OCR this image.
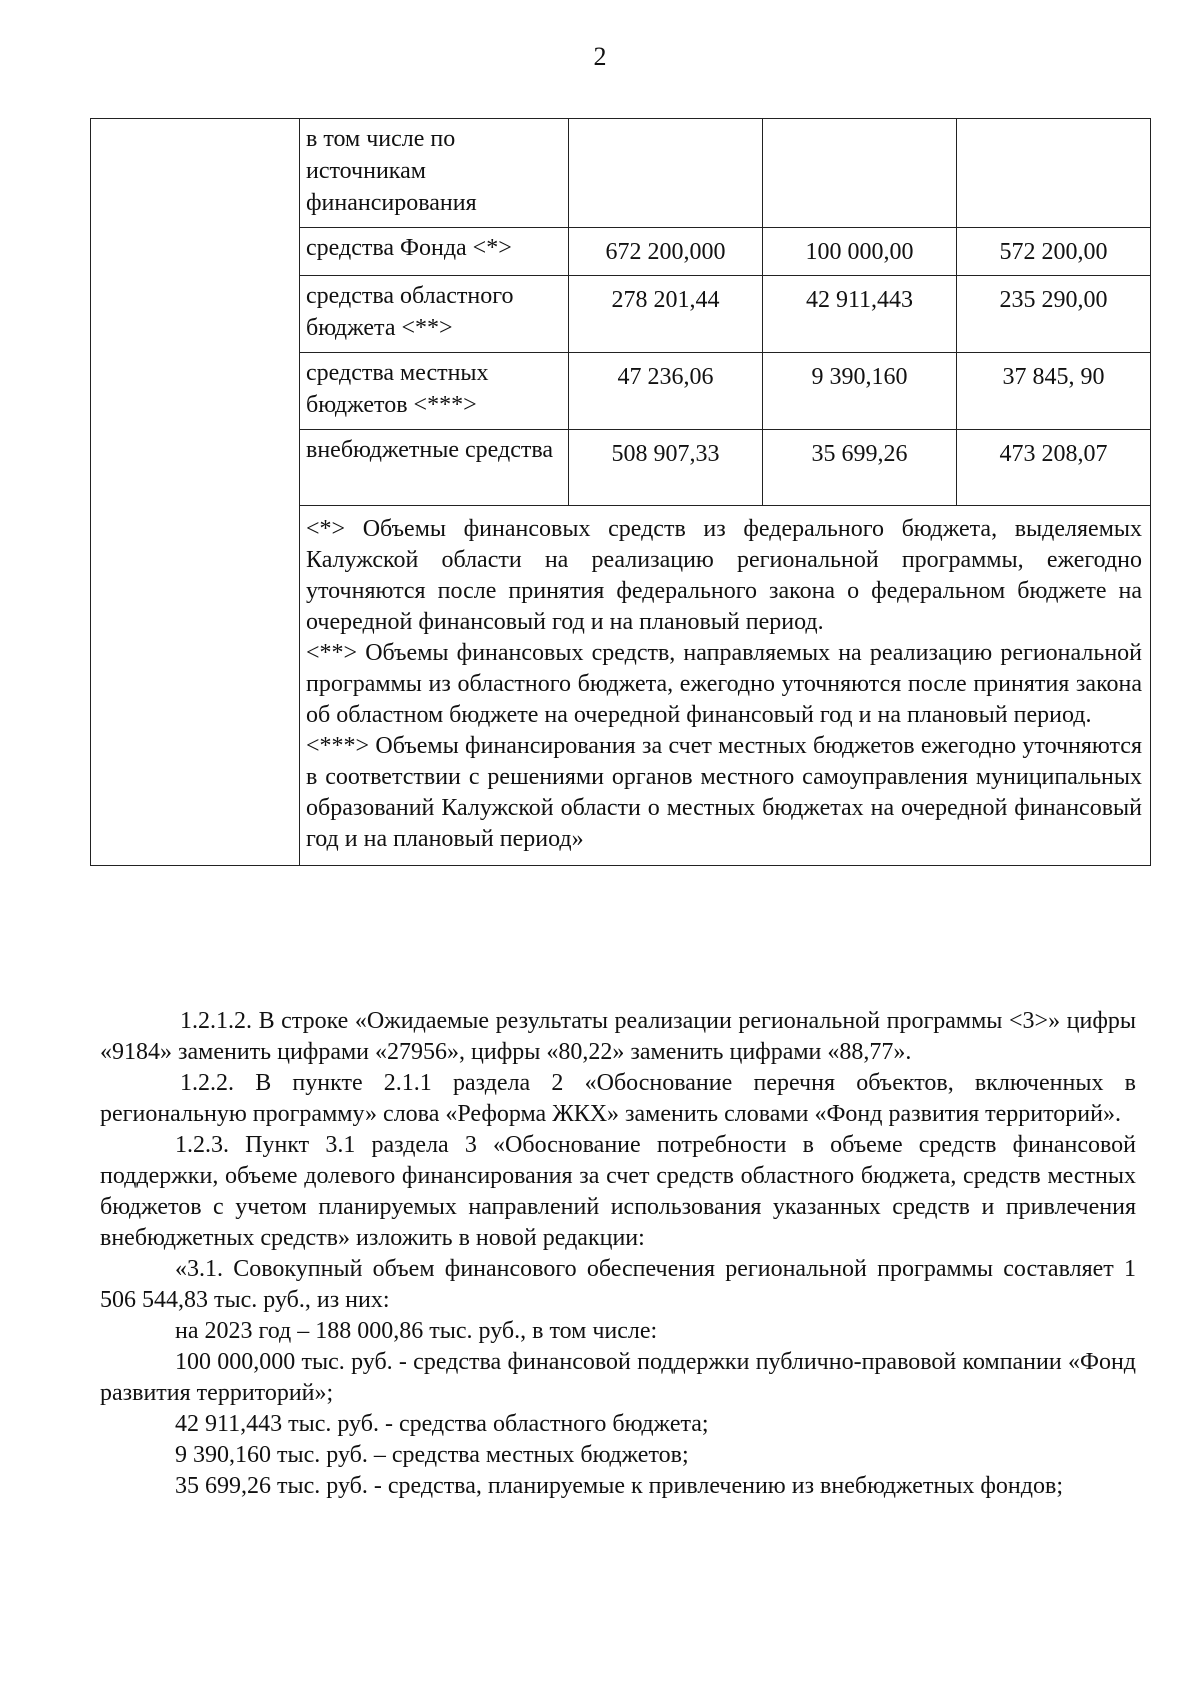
2
	в том числе по источникам финансирования			
	средства Фонда <*>	672 200,000	100 000,00	572 200,00
	средства областного бюджета <**>	278 201,44	42 911,443	235 290,00
	средства местных бюджетов <***>	47 236,06	9 390,160	37 845, 90
	внебюджетные средства	508 907,33	35 699,26	473 208,07

	<*> Объемы финансовых средств из федерального бюджета, выделяемых Калужской области на реализацию региональной программы, ежегодно уточняются после принятия федерального закона о федеральном бюджете на очередной финансовый год и на плановый период.

<**> Объемы финансовых средств, направляемых на реализацию региональной программы из областного бюджета, ежегодно уточняются после принятия закона об областном бюджете на очередной финансовый год и на плановый период.

<***> Объемы финансирования за счет местных бюджетов ежегодно уточняются в соответствии с решениями органов местного самоуправления муниципальных образований Калужской области о местных бюджетах на очередной финансовый год и на плановый период»			

1.2.1.2. В строке «Ожидаемые результаты реализации региональной программы <3>» цифры «9184» заменить цифрами «27956», цифры «80,22» заменить цифрами «88,77».

1.2.2. В пункте 2.1.1 раздела 2 «Обоснование перечня объектов, включенных в региональную программу» слова «Реформа ЖКХ» заменить словами «Фонд развития территорий».

1.2.3. Пункт 3.1 раздела 3 «Обоснование потребности в объеме средств финансовой поддержки, объеме долевого финансирования за счет средств областного бюджета, средств местных бюджетов с учетом планируемых направлений использования указанных средств и привлечения внебюджетных средств» изложить в новой редакции:

«3.1. Совокупный объем финансового обеспечения региональной программы составляет 1 506 544,83 тыс. руб., из них:

на 2023 год – 188 000,86 тыс. руб., в том числе:

100 000,000 тыс. руб. - средства финансовой поддержки публично-правовой компании «Фонд развития территорий»;

42 911,443 тыс. руб. - средства областного бюджета;

9 390,160 тыс. руб. – средства местных бюджетов;

35 699,26 тыс. руб. - средства, планируемые к привлечению из внебюджетных фондов;
